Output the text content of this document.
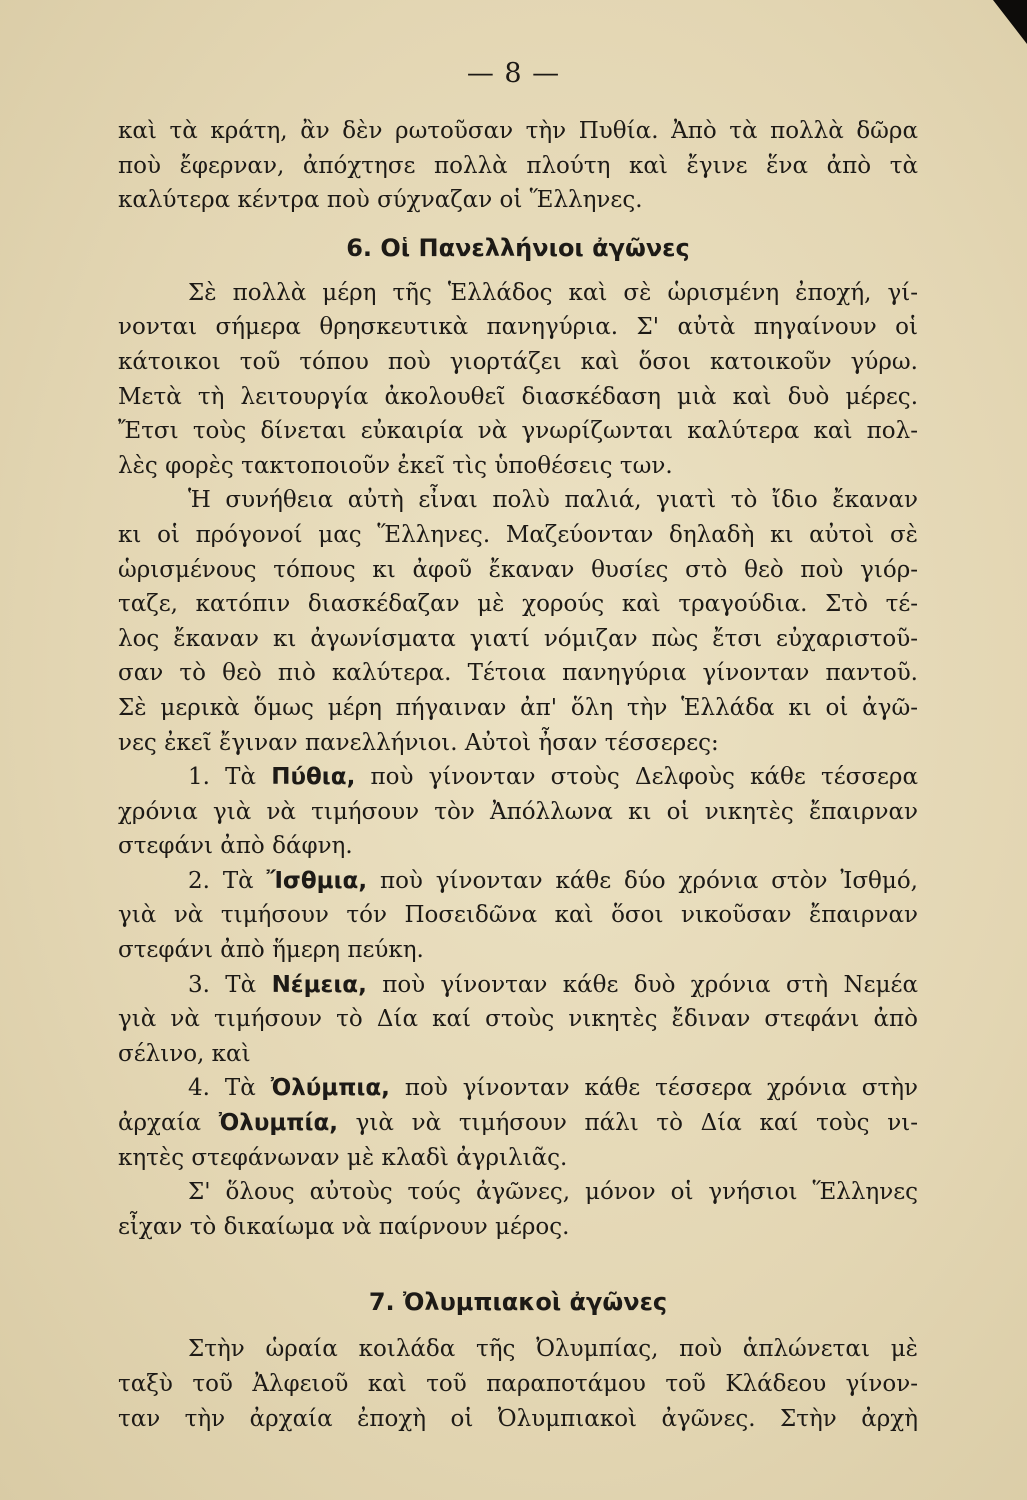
— 8 —
καὶ τὰ κράτη, ἂν δὲν ρωτοῦσαν τὴν Πυθία. Ἀπὸ τὰ πολλὰ δῶρα
ποὺ ἔφερναν, ἀπόχτησε πολλὰ πλούτη καὶ ἔγινε ἕνα ἀπὸ τὰ
καλύτερα κέντρα ποὺ σύχναζαν οἱ Ἕλληνες.
6. Οἱ Πανελλήνιοι ἀγῶνες
Σὲ πολλὰ μέρη τῆς Ἑλλάδος καὶ σὲ ὡρισμένη ἐποχή, γί-
νονται σήμερα θρησκευτικὰ πανηγύρια. Σ' αὐτὰ πηγαίνουν οἱ
κάτοικοι τοῦ τόπου ποὺ γιορτάζει καὶ ὅσοι κατοικοῦν γύρω.
Μετὰ τὴ λειτουργία ἀκολουθεῖ διασκέδαση μιὰ καὶ δυὸ μέρες.
Ἔτσι τοὺς δίνεται εὐκαιρία νὰ γνωρίζωνται καλύτερα καὶ πολ-
λὲς φορὲς τακτοποιοῦν ἐκεῖ τὶς ὑποθέσεις των.
Ἡ συνήθεια αὐτὴ εἶναι πολὺ παλιά, γιατὶ τὸ ἴδιο ἔκαναν
κι οἱ πρόγονοί μας Ἕλληνες. Μαζεύονταν δηλαδὴ κι αὐτοὶ σὲ
ὡρισμένους τόπους κι ἀφοῦ ἔκαναν θυσίες στὸ θεὸ ποὺ γιόρ-
ταζε, κατόπιν διασκέδαζαν μὲ χορούς καὶ τραγούδια. Στὸ τέ-
λος ἔκαναν κι ἀγωνίσματα γιατί νόμιζαν πὼς ἔτσι εὐχαριστοῦ-
σαν τὸ θεὸ πιὸ καλύτερα. Τέτοια πανηγύρια γίνονταν παντοῦ.
Σὲ μερικὰ ὅμως μέρη πήγαιναν ἀπ' ὅλη τὴν Ἑλλάδα κι οἱ ἀγῶ-
νες ἐκεῖ ἔγιναν πανελλήνιοι. Αὐτοὶ ἦσαν τέσσερες:
1. Τὰ Πύθια, ποὺ γίνονταν στοὺς Δελφοὺς κάθε τέσσερα
χρόνια γιὰ νὰ τιμήσουν τὸν Ἀπόλλωνα κι οἱ νικητὲς ἔπαιρναν
στεφάνι ἀπὸ δάφνη.
2. Τὰ Ἴσθμια, ποὺ γίνονταν κάθε δύο χρόνια στὸν Ἰσθμό,
γιὰ νὰ τιμήσουν τόν Ποσειδῶνα καὶ ὅσοι νικοῦσαν ἔπαιρναν
στεφάνι ἀπὸ ἥμερη πεύκη.
3. Τὰ Νέμεια, ποὺ γίνονταν κάθε δυὸ χρόνια στὴ Νεμέα
γιὰ νὰ τιμήσουν τὸ Δία καί στοὺς νικητὲς ἔδιναν στεφάνι ἀπὸ
σέλινο, καὶ
4. Τὰ Ὀλύμπια, ποὺ γίνονταν κάθε τέσσερα χρόνια στὴν
ἀρχαία Ὀλυμπία, γιὰ νὰ τιμήσουν πάλι τὸ Δία καί τοὺς νι-
κητὲς στεφάνωναν μὲ κλαδὶ ἀγριλιᾶς.
Σ' ὅλους αὐτοὺς τούς ἀγῶνες, μόνον οἱ γνήσιοι Ἕλληνες
εἶχαν τὸ δικαίωμα νὰ παίρνουν μέρος.
7. Ὀλυμπιακοὶ ἀγῶνες
Στὴν ὡραία κοιλάδα τῆς Ὀλυμπίας, ποὺ ἁπλώνεται μὲ
ταξὺ τοῦ Ἀλφειοῦ καὶ τοῦ παραποτάμου τοῦ Κλάδεου γίνον-
ταν τὴν ἀρχαία ἐποχὴ οἱ Ὀλυμπιακοὶ ἀγῶνες. Στὴν ἀρχὴ
